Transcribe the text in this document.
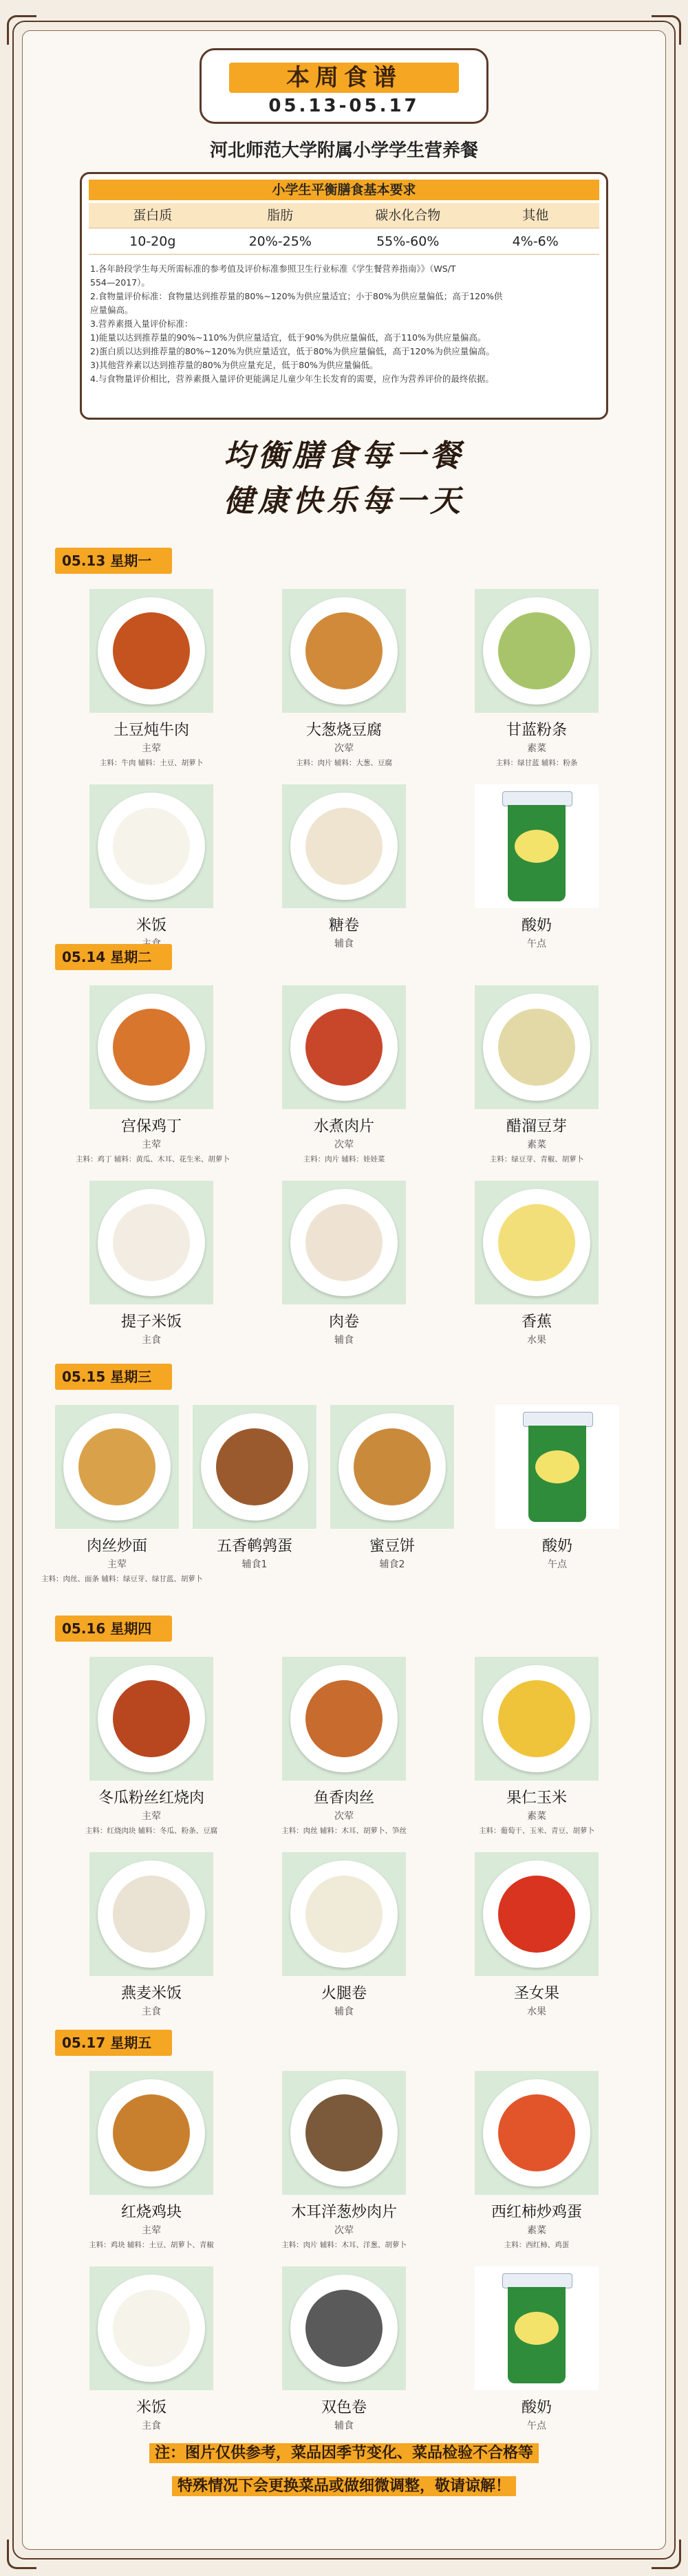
本周食谱
05.13-05.17
河北师范大学附属小学学生营养餐
小学生平衡膳食基本要求
蛋白质	脂肪	碳水化合物	其他
10-20g	20%-25%	55%-60%	4%-6%

1.各年龄段学生每天所需标准的参考值及评价标准参照卫生行业标准《学生餐营养指南》》（WS/T

554—2017）。

2.食物量评价标准：食物量达到推荐量的80%~120%为供应量适宜；小于80%为供应量偏低；高于120%供

应量偏高。

3.营养素摄入量评价标准：

1)能量以达到推荐量的90%~110%为供应量适宜，低于90%为供应量偏低，高于110%为供应量偏高。

2)蛋白质以达到推荐量的80%~120%为供应量适宜，低于80%为供应量偏低，高于120%为供应量偏高。

3)其他营养素以达到推荐量的80%为供应量充足，低于80%为供应量偏低。

4.与食物量评价相比，营养素摄入量评价更能满足儿童少年生长发育的需要，应作为营养评价的最终依据。

均衡膳食每一餐
健康快乐每一天
05.13 星期一
土豆炖牛肉
主荤
主料：牛肉 辅料：土豆、胡萝卜
大葱烧豆腐
次荤
主料：肉片 辅料：大葱、豆腐
甘蓝粉条
素菜
主料：绿甘蓝 辅料：粉条
米饭	糖卷
辅食
酸奶
午点
05.14 星期二
宫保鸡丁
主荤
主料：鸡丁 辅料：黄瓜、木耳、花生米、胡萝卜
水煮肉片
次荤
主料：肉片 辅料：娃娃菜
醋溜豆芽
素菜
主料：绿豆芽、青椒、胡萝卜
提子米饭
主食
肉卷
辅食
香蕉
水果
05.15 星期三
肉丝炒面
主荤
主料：肉丝、面条 辅料：绿豆芽、绿甘蓝、胡萝卜
五香鹌鹑蛋
辅食1
蜜豆饼
辅食2
酸奶
午点
05.16 星期四
冬瓜粉丝红烧肉
主荤
主料：红烧肉块 辅料：冬瓜、粉条、豆腐
鱼香肉丝
次荤
主料：肉丝 辅料：木耳、胡萝卜、笋丝
果仁玉米
素菜
主料：葡萄干、玉米、青豆、胡萝卜
燕麦米饭
主食
火腿卷
辅食
圣女果
水果
05.17 星期五
红烧鸡块
主荤
主料：鸡块 辅料：土豆、胡萝卜、青椒
木耳洋葱炒肉片
次荤
主料：肉片 辅料：木耳、洋葱、胡萝卜
西红柿炒鸡蛋
素菜
主料：西红柿、鸡蛋
米饭
主食
双色卷
辅食
酸奶
午点
注：图片仅供参考，菜品因季节变化、菜品检验不合格等
特殊情况下会更换菜品或做细微调整，敬请谅解！
